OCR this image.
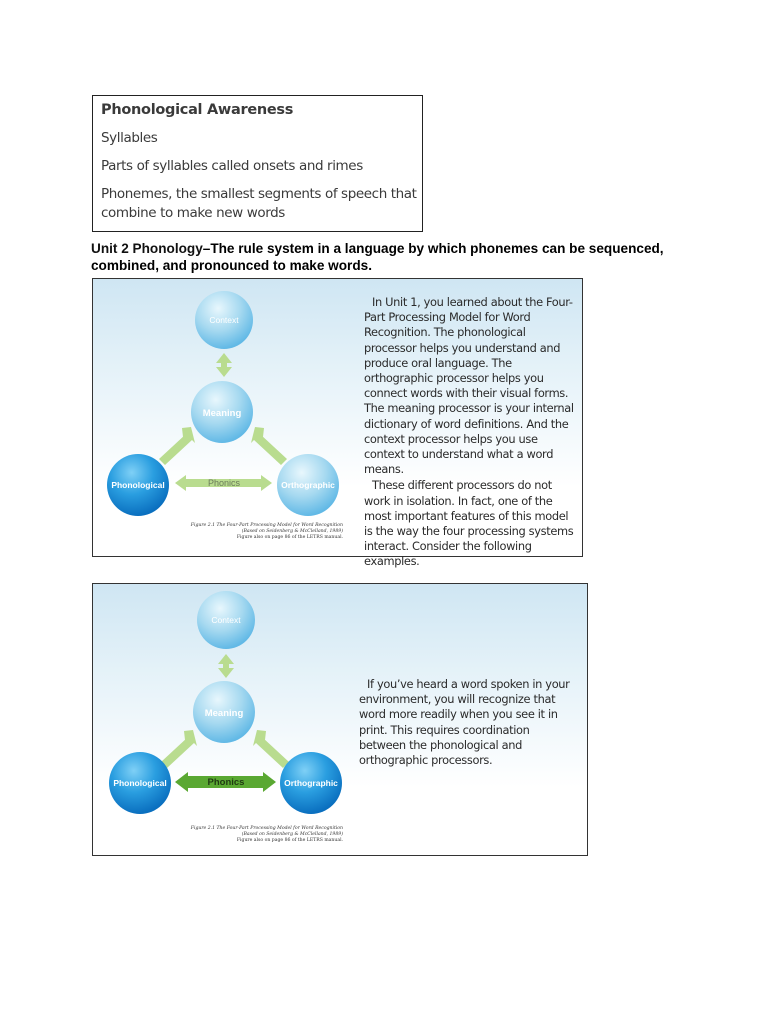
Phonological Awareness
Syllables
Parts of syllables called onsets and rimes
Phonemes, the smallest segments of speech that combine to make new words
Unit 2 Phonology–The rule system in a language by which phonemes can be sequenced, combined, and pronounced to make words.
Context
Meaning
Phonological	Orthographic
Phonics
Figure 2.1 The Four-Part Processing Model for Word Recognition
(Based on Seidenberg & McClelland, 1989)
Figure also on page 86 of the LETRS manual.

In Unit 1, you learned about the Four-Part Processing Model for Word Recognition. The phonological processor helps you understand and produce oral language. The orthographic processor helps you connect words with their visual forms. The meaning processor is your internal dictionary of word definitions. And the context processor helps you use context to understand what a word means.

These different processors do not work in isolation. In fact, one of the most important features of this model is the way the four processing systems interact. Consider the following examples.

Context
Meaning
Phonological	Orthographic
Phonics
Figure 2.1 The Four-Part Processing Model for Word Recognition
(Based on Seidenberg & McClelland, 1989)
Figure also on page 86 of the LETRS manual.

If you’ve heard a word spoken in your environment, you will recognize that word more readily when you see it in print. This requires coordination between the phonological and orthographic processors.
